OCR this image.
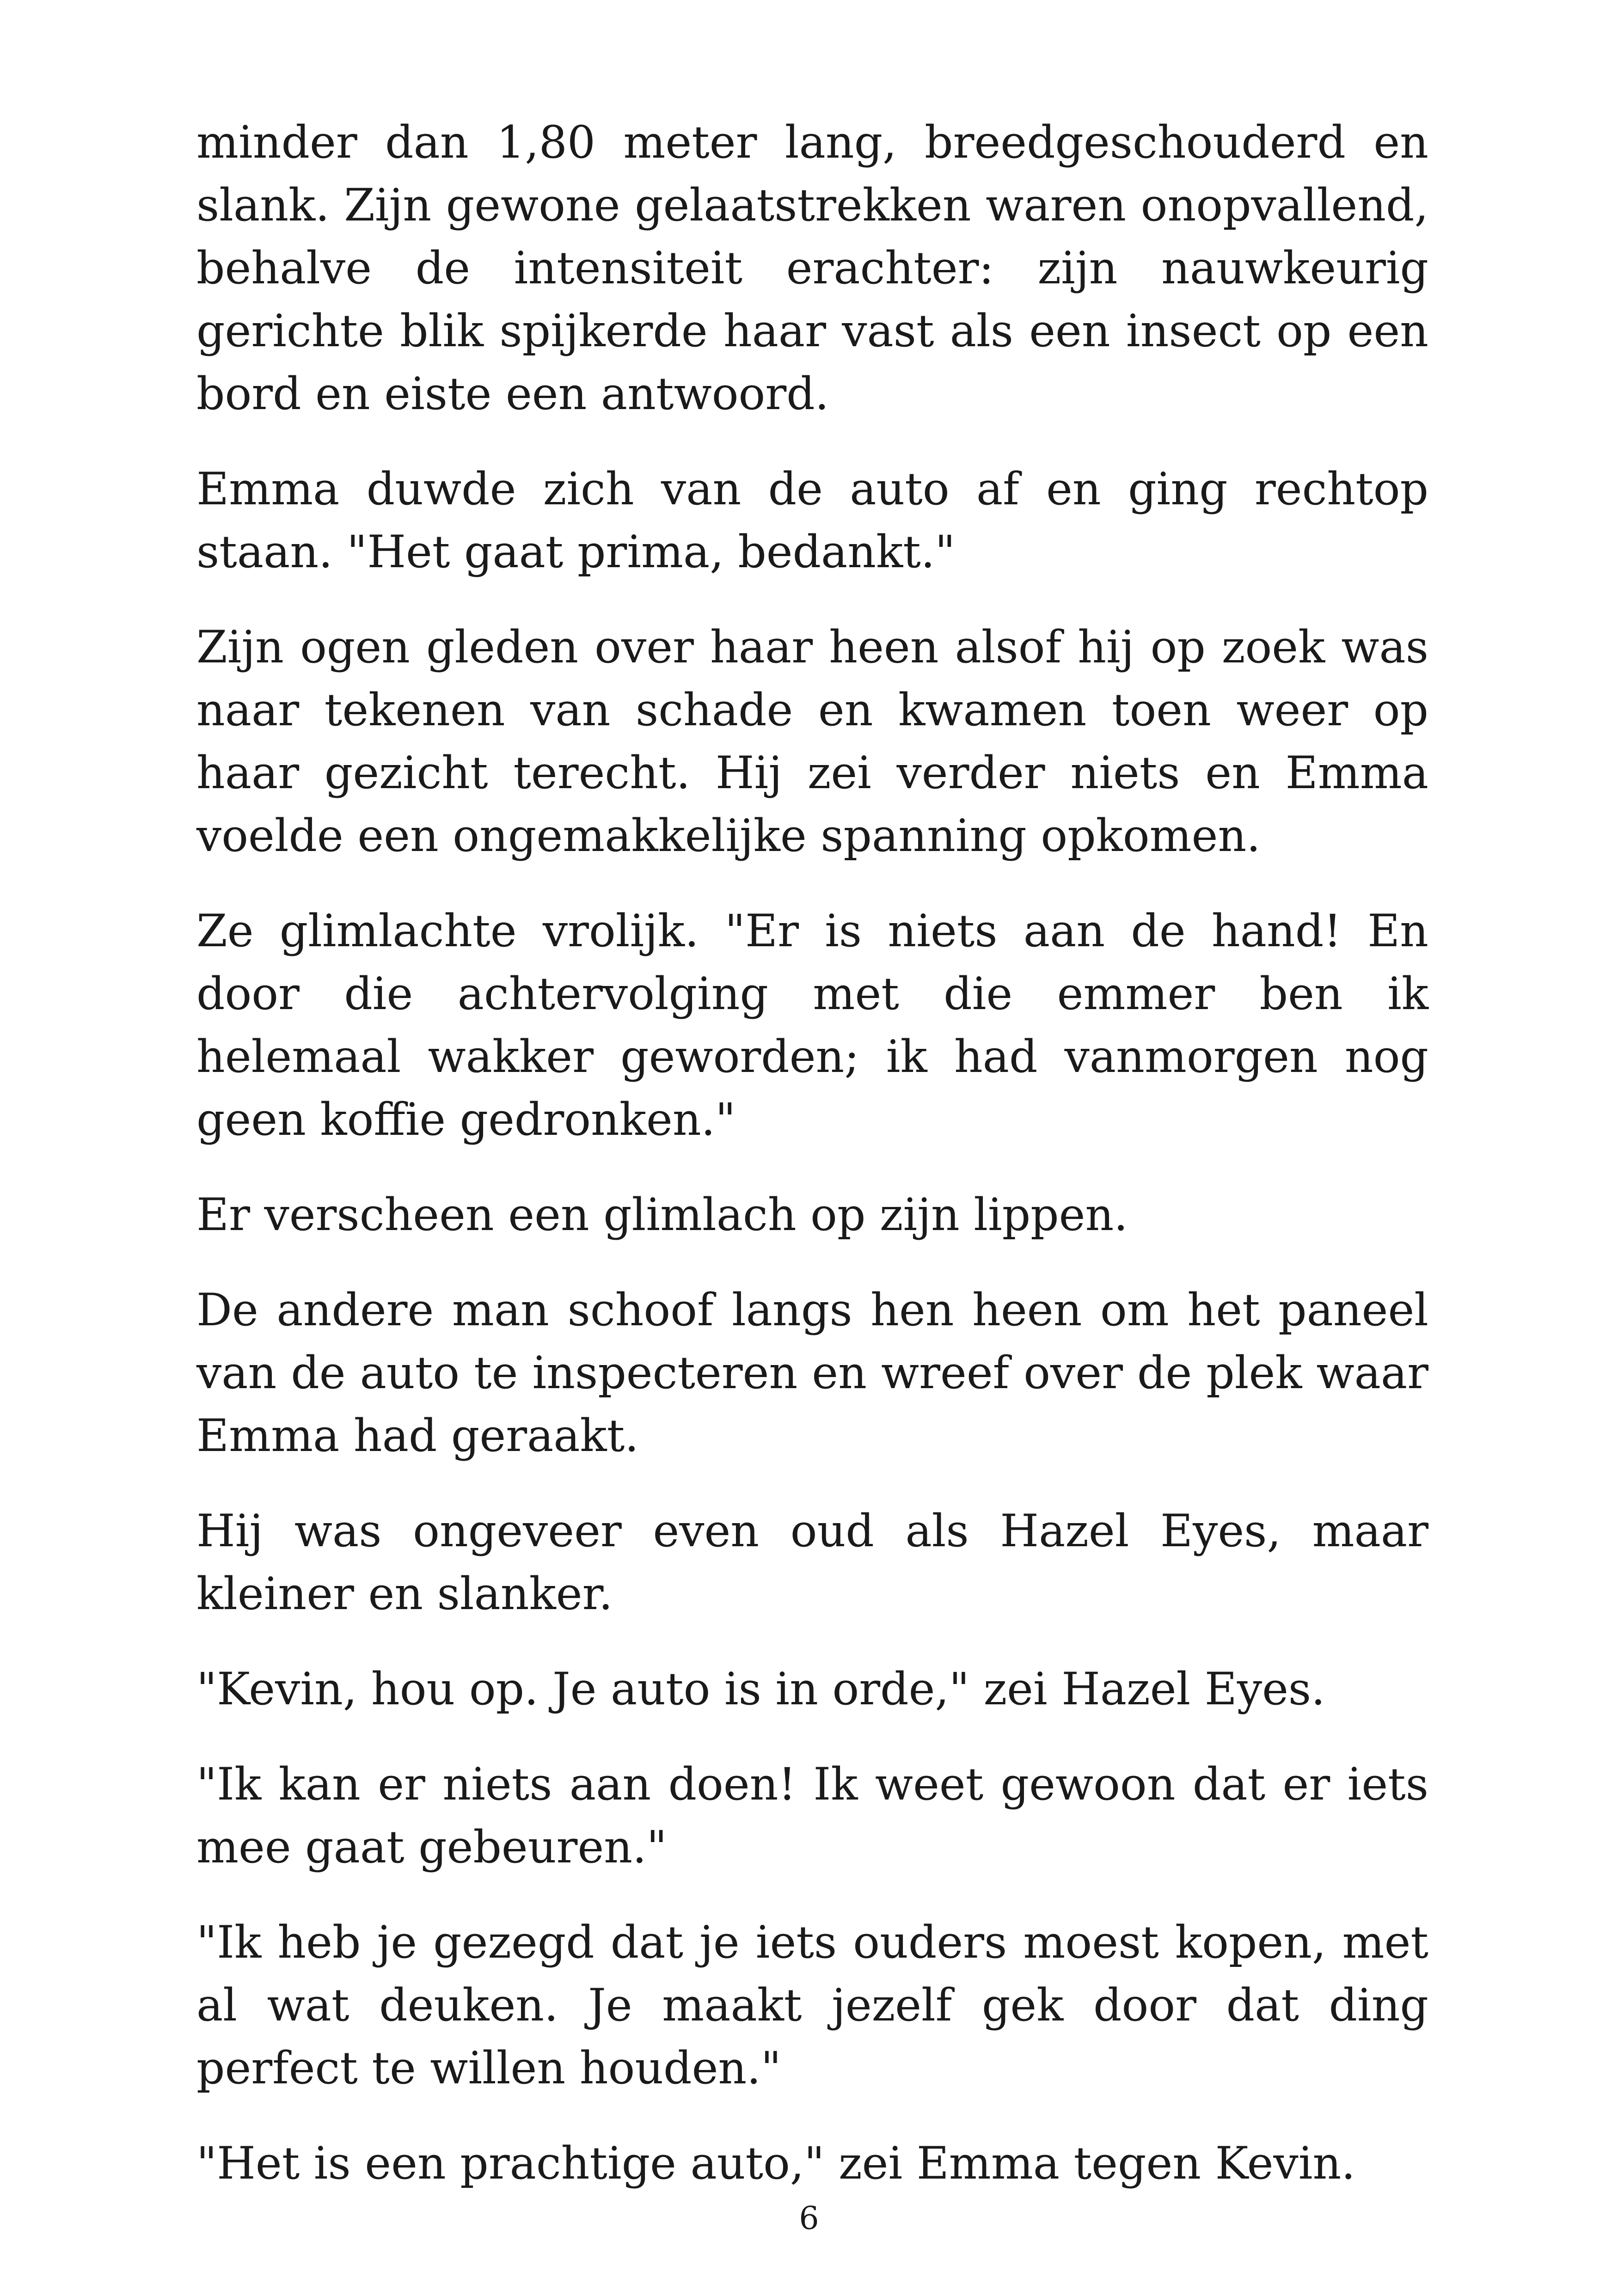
minder dan 1,80 meter lang, breedgeschouderd en slank. Zijn gewone gelaatstrekken waren onopvallend, behalve de intensiteit erachter: zijn nauwkeurig gerichte blik spijkerde haar vast als een insect op een bord en eiste een antwoord.

Emma duwde zich van de auto af en ging rechtop staan. "Het gaat prima, bedankt."

Zijn ogen gleden over haar heen alsof hij op zoek was naar tekenen van schade en kwamen toen weer op haar gezicht terecht. Hij zei verder niets en Emma voelde een ongemakkelijke spanning opkomen.

Ze glimlachte vrolijk. "Er is niets aan de hand! En door die achtervolging met die emmer ben ik helemaal wakker geworden; ik had vanmorgen nog geen koffie gedronken."

Er verscheen een glimlach op zijn lippen.

De andere man schoof langs hen heen om het paneel van de auto te inspecteren en wreef over de plek waar Emma had geraakt.

Hij was ongeveer even oud als Hazel Eyes, maar kleiner en slanker.

"Kevin, hou op. Je auto is in orde," zei Hazel Eyes.

"Ik kan er niets aan doen! Ik weet gewoon dat er iets mee gaat gebeuren."

"Ik heb je gezegd dat je iets ouders moest kopen, met al wat deuken. Je maakt jezelf gek door dat ding perfect te willen houden."

"Het is een prachtige auto," zei Emma tegen Kevin.

6
